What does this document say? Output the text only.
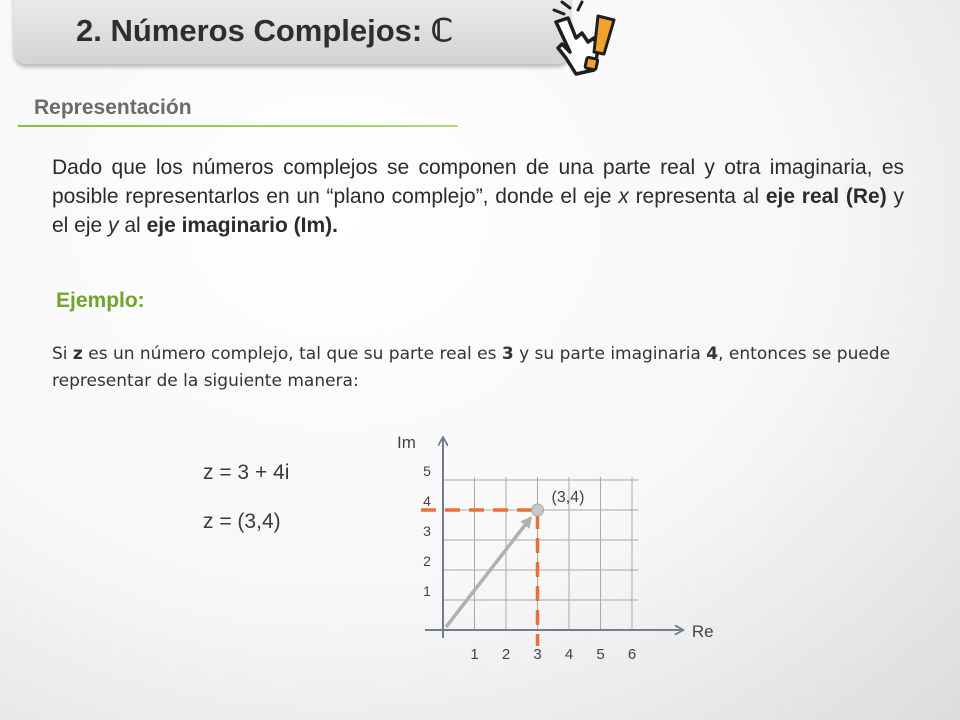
2. Números Complejos: ℂ
Representación

Dado que los números complejos se componen de una parte real y otra imaginaria, es posible representarlos en un “plano complejo”, donde el eje x representa al eje real (Re) y el eje y al eje imaginario (Im).

Ejemplo:

Si z es un número complejo, tal que su parte real es 3 y su parte imaginaria 4, entonces se puede representar de la siguiente manera:

z = 3 + 4i
z = (3,4)
Re
Im
1 2 3 4 5 6
1
2
3
4
5
(3,4)
